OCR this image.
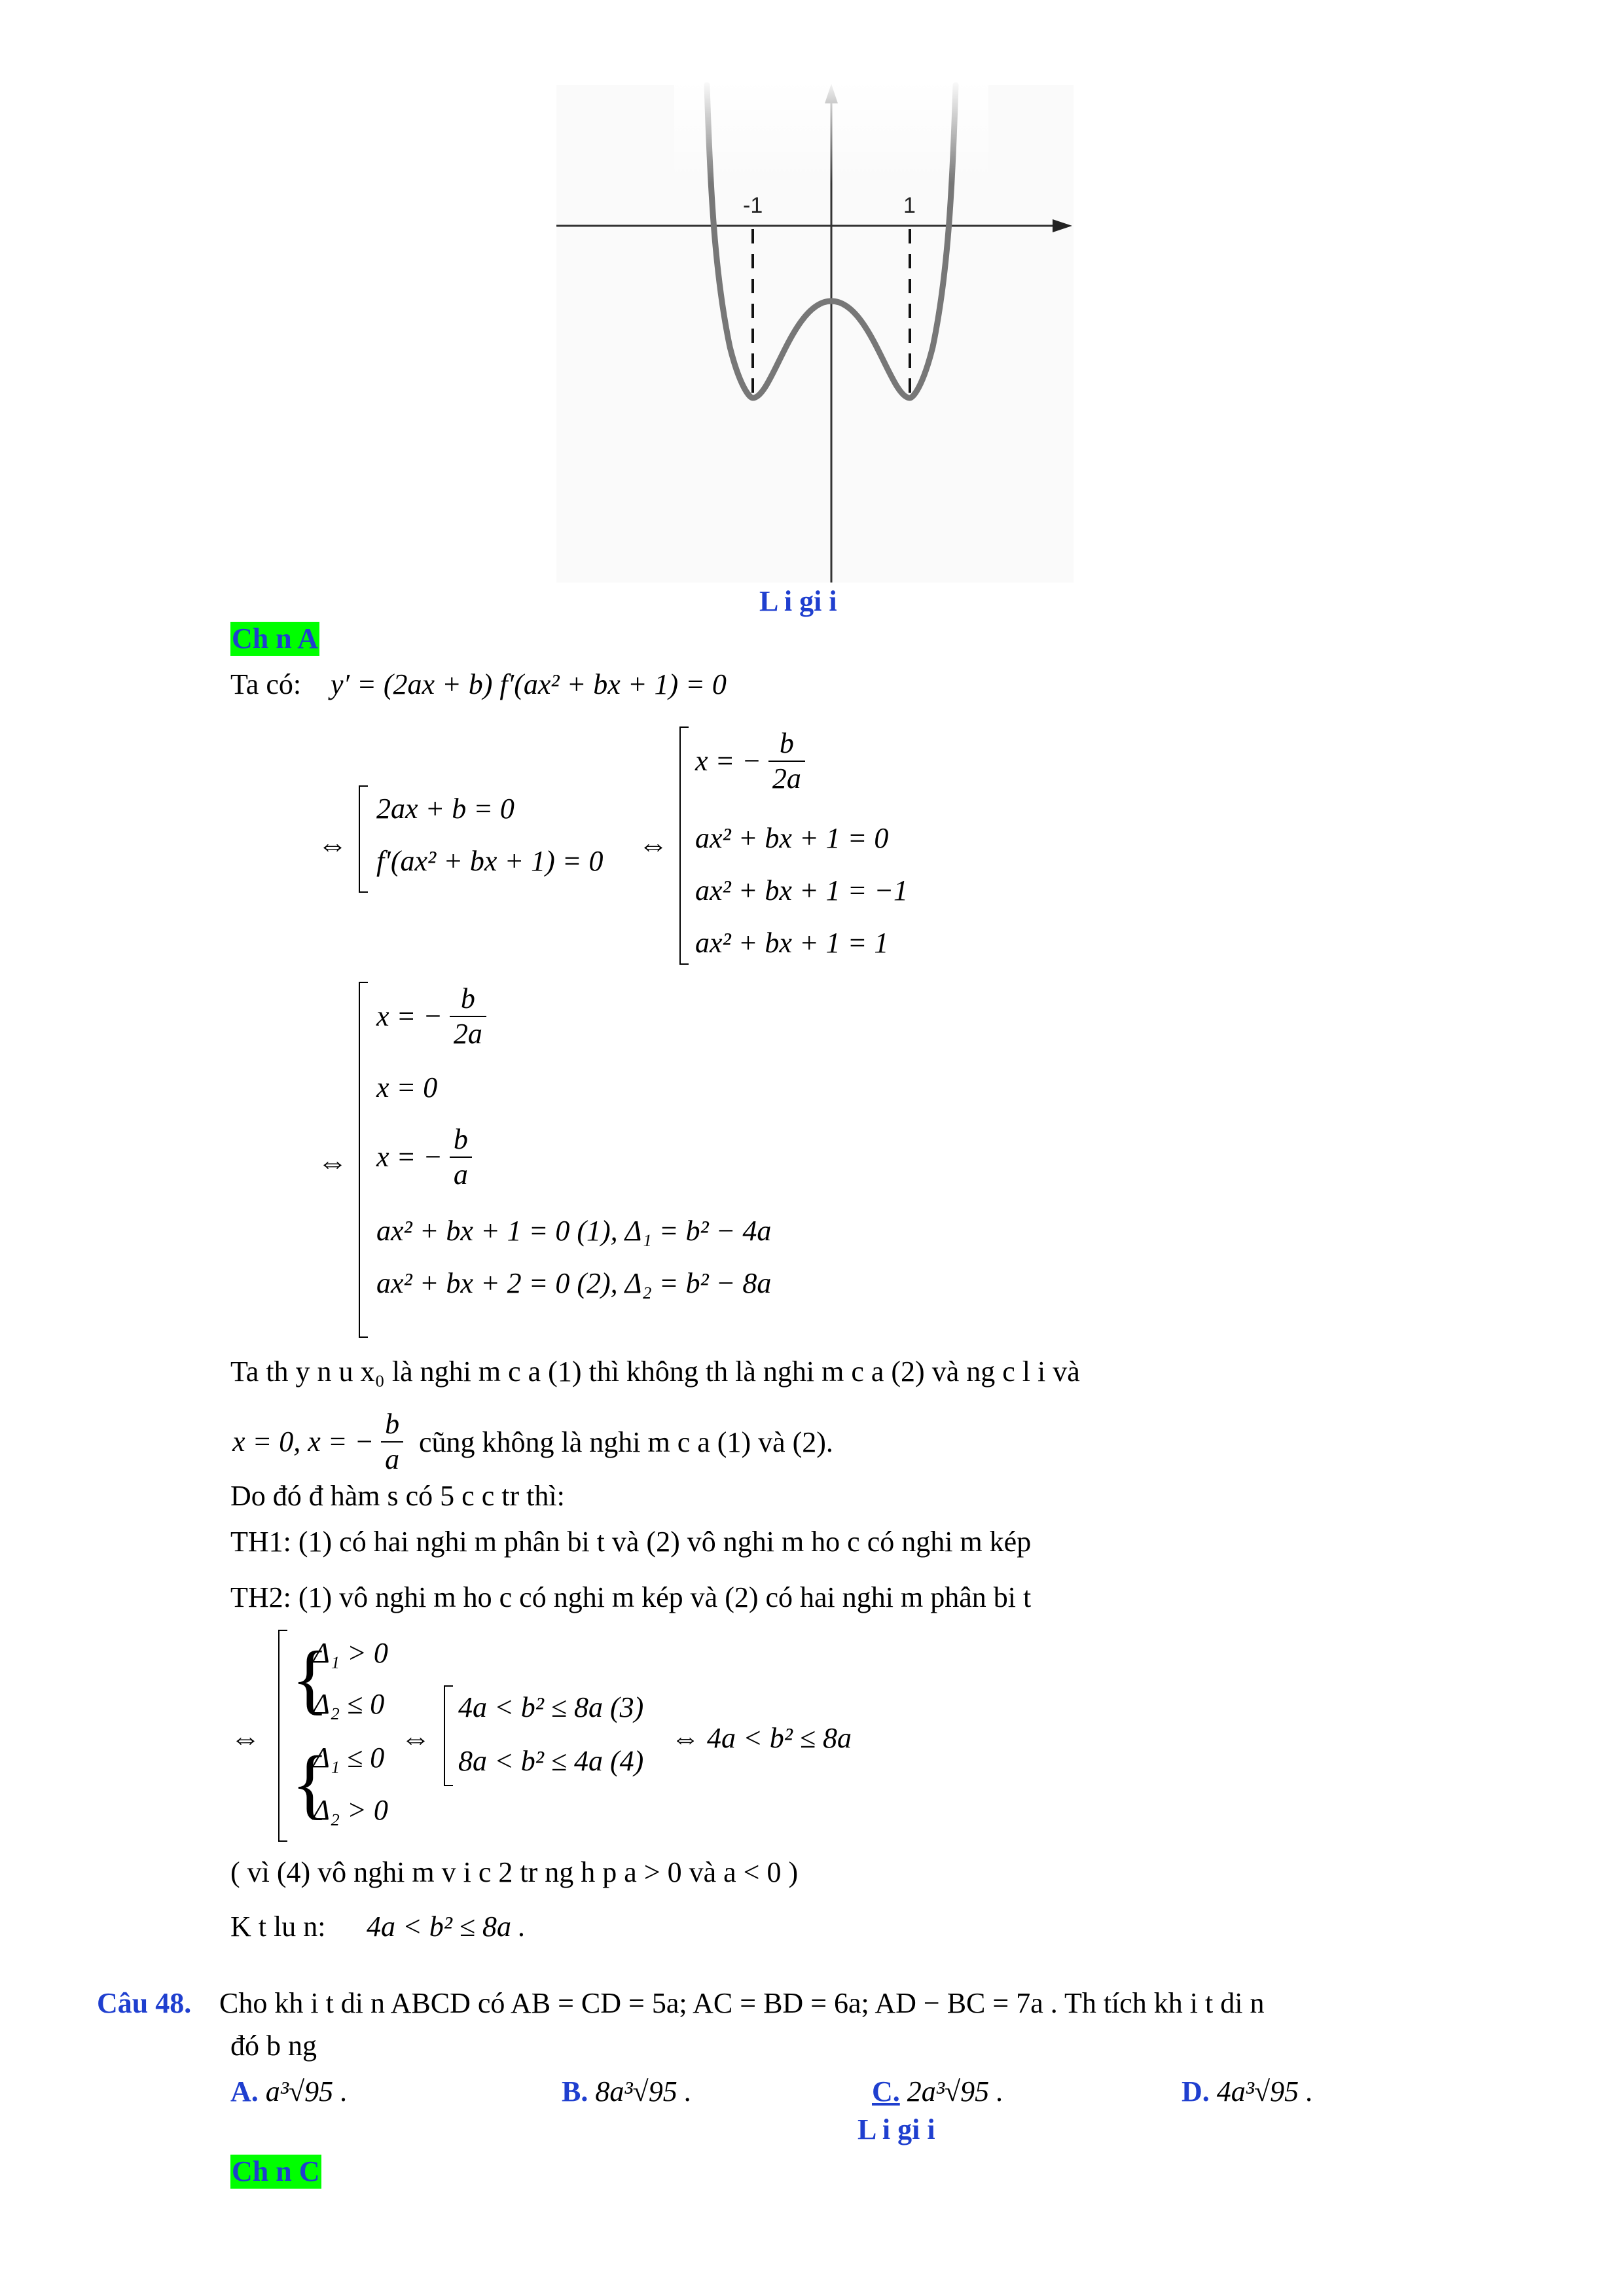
-1	1
L i gi i
Ch n A
Ta có: y′ = (2ax + b) f′(ax² + bx + 1) = 0
⇔
2ax + b = 0
f′(ax² + bx + 1) = 0 ⇔
x = − $\frac{b}{2a}$
ax² + bx + 1 = 0
ax² + bx + 1 = −1
ax² + bx + 1 = 1
⇔
x = − $\frac{b}{2a}$
x = 0
x = − $\frac{b}{a}$
ax² + bx + 1 = 0 (1), Δ₁ = b² − 4a
ax² + bx + 2 = 0 (2), Δ₂ = b² − 8a
Ta th y n u x₀ là nghi m c a (1) thì không th là nghi m c a (2) và ng c l i và
x = 0, x = − $\frac{b}{a}$ cũng không là nghi m c a (1) và (2).
Do đó đ hàm s có 5 c c tr thì:
TH1: (1) có hai nghi m phân bi t và (2) vô nghi m ho c có nghi m kép
TH2: (1) vô nghi m ho c có nghi m kép và (2) có hai nghi m phân bi t
⇔
{
{
Δ₁ > 0
Δ₂ ≤ 0
Δ₁ ≤ 0
Δ₂ > 0
⇔
4a < b² ≤ 8a (3)
8a < b² ≤ 4a (4)
⇔ 4a < b² ≤ 8a
( vì (4) vô nghi m v i c 2 tr ng h p a > 0 và a < 0 )
K t lu n: 4a < b² ≤ 8a .
Câu 48. Cho kh i t di n ABCD có AB = CD = 5a; AC = BD = 6a; AD − BC = 7a . Th tích kh i t di n
đó b ng
A. a³√95 .	B. 8a³√95 .	C. 2a³√95 .	D. 4a³√95 .
L i gi i
Ch n C
